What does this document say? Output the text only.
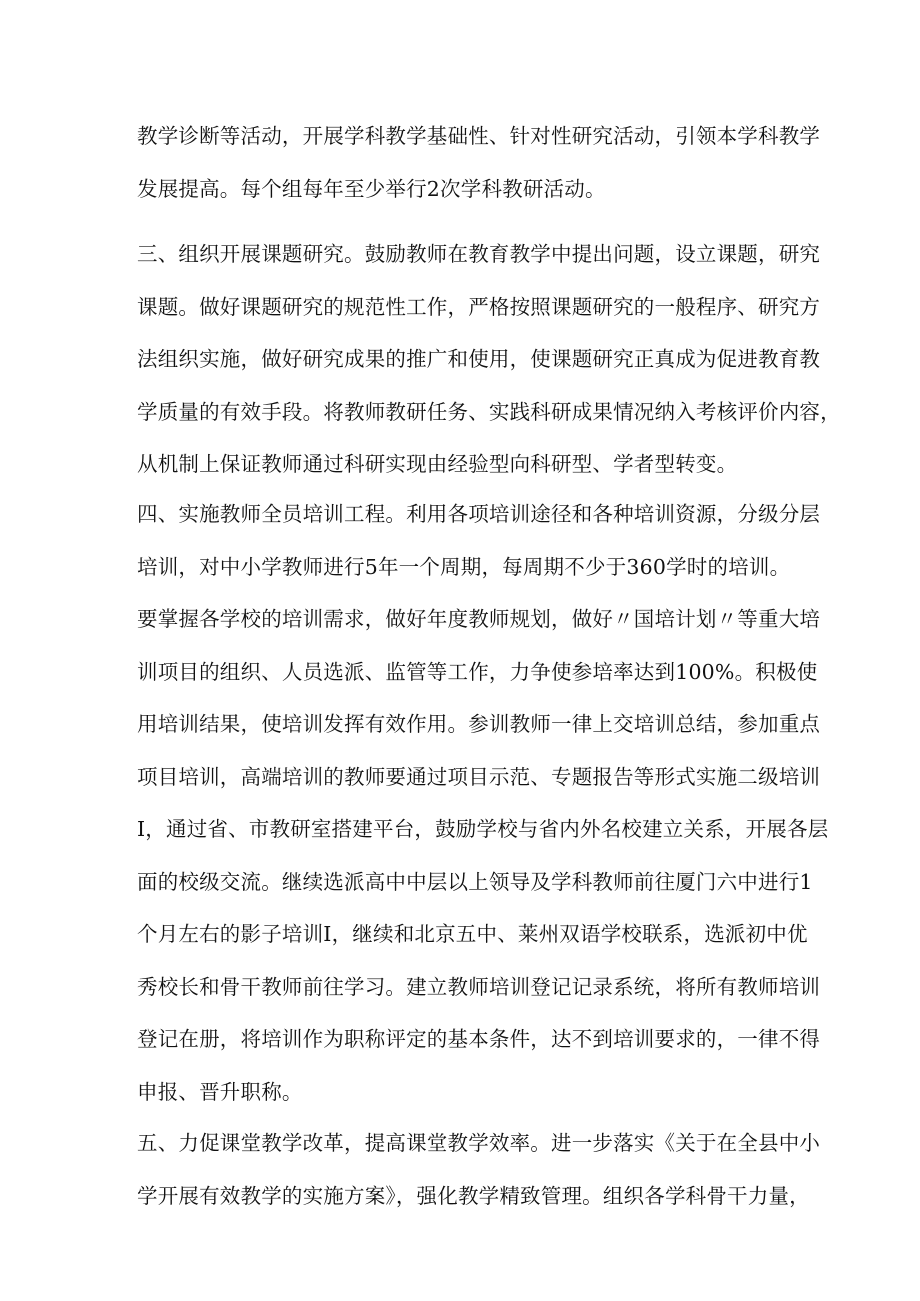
教学诊断等活动，开展学科教学基础性、针对性研究活动，引领本学科教学
发展提高。每个组每年至少举行2次学科教研活动。
三、组织开展课题研究。鼓励教师在教育教学中提出问题，设立课题，研究
课题。做好课题研究的规范性工作，严格按照课题研究的一般程序、研究方
法组织实施，做好研究成果的推广和使用，使课题研究正真成为促进教育教
学质量的有效手段。将教师教研任务、实践科研成果情况纳入考核评价内容，
从机制上保证教师通过科研实现由经验型向科研型、学者型转变。
四、实施教师全员培训工程。利用各项培训途径和各种培训资源，分级分层
培训，对中小学教师进行5年一个周期，每周期不少于360学时的培训。
要掌握各学校的培训需求，做好年度教师规划，做好〃国培计划〃等重大培
训项目的组织、人员选派、监管等工作，力争使参培率达到100%。积极使
用培训结果，使培训发挥有效作用。参训教师一律上交培训总结，参加重点
项目培训，高端培训的教师要通过项目示范、专题报告等形式实施二级培训
I，通过省、市教研室搭建平台，鼓励学校与省内外名校建立关系，开展各层
面的校级交流。继续选派高中中层以上领导及学科教师前往厦门六中进行1
个月左右的影子培训I，继续和北京五中、莱州双语学校联系，选派初中优
秀校长和骨干教师前往学习。建立教师培训登记记录系统，将所有教师培训
登记在册，将培训作为职称评定的基本条件，达不到培训要求的，一律不得
申报、晋升职称。
五、力促课堂教学改革，提高课堂教学效率。进一步落实《关于在全县中小
学开展有效教学的实施方案》，强化教学精致管理。组织各学科骨干力量，
